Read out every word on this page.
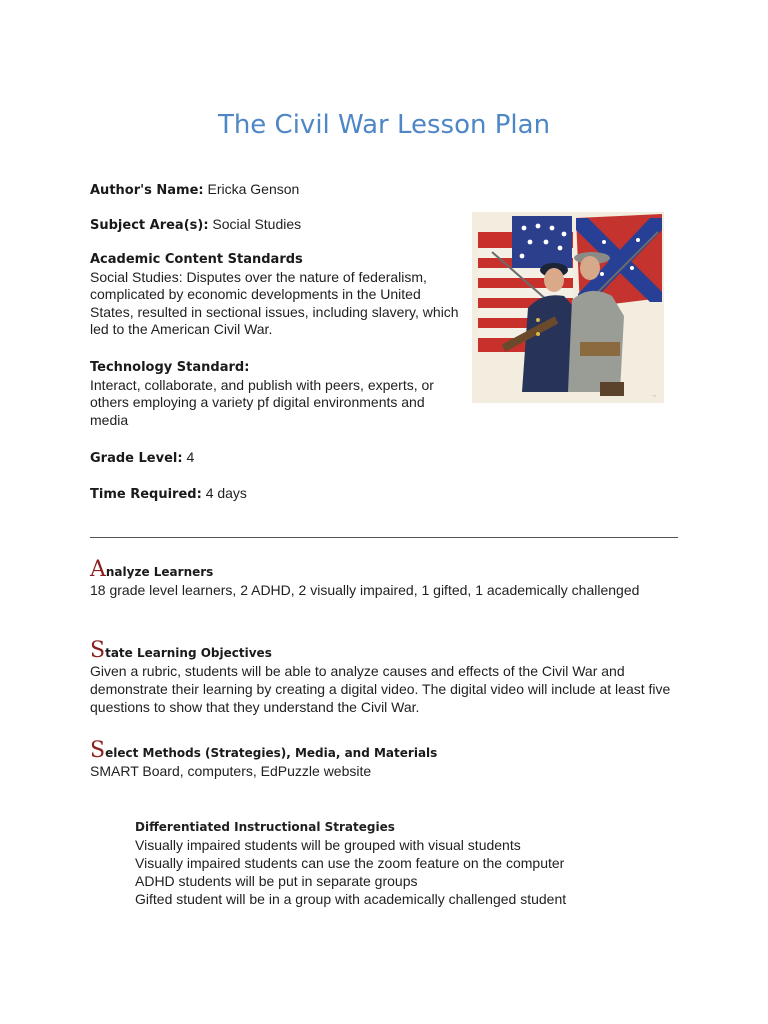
The Civil War Lesson Plan
Author's Name: Ericka Genson
Subject Area(s): Social Studies
Academic Content Standards
Social Studies: Disputes over the nature of federalism, complicated by economic developments in the United States, resulted in sectional issues, including slavery, which led to the American Civil War.
Technology Standard:
Interact, collaborate, and publish with peers, experts, or others employing a variety pf digital environments and media
Grade Level: 4
Time Required: 4 days
~
Analyze Learners
18 grade level learners, 2 ADHD, 2 visually impaired, 1 gifted, 1 academically challenged
State Learning Objectives
Given a rubric, students will be able to analyze causes and effects of the Civil War and demonstrate their learning by creating a digital video. The digital video will include at least five questions to show that they understand the Civil War.
Select Methods (Strategies), Media, and Materials
SMART Board, computers, EdPuzzle website
Differentiated Instructional Strategies
Visually impaired students will be grouped with visual students
Visually impaired students can use the zoom feature on the computer
ADHD students will be put in separate groups
Gifted student will be in a group with academically challenged student
